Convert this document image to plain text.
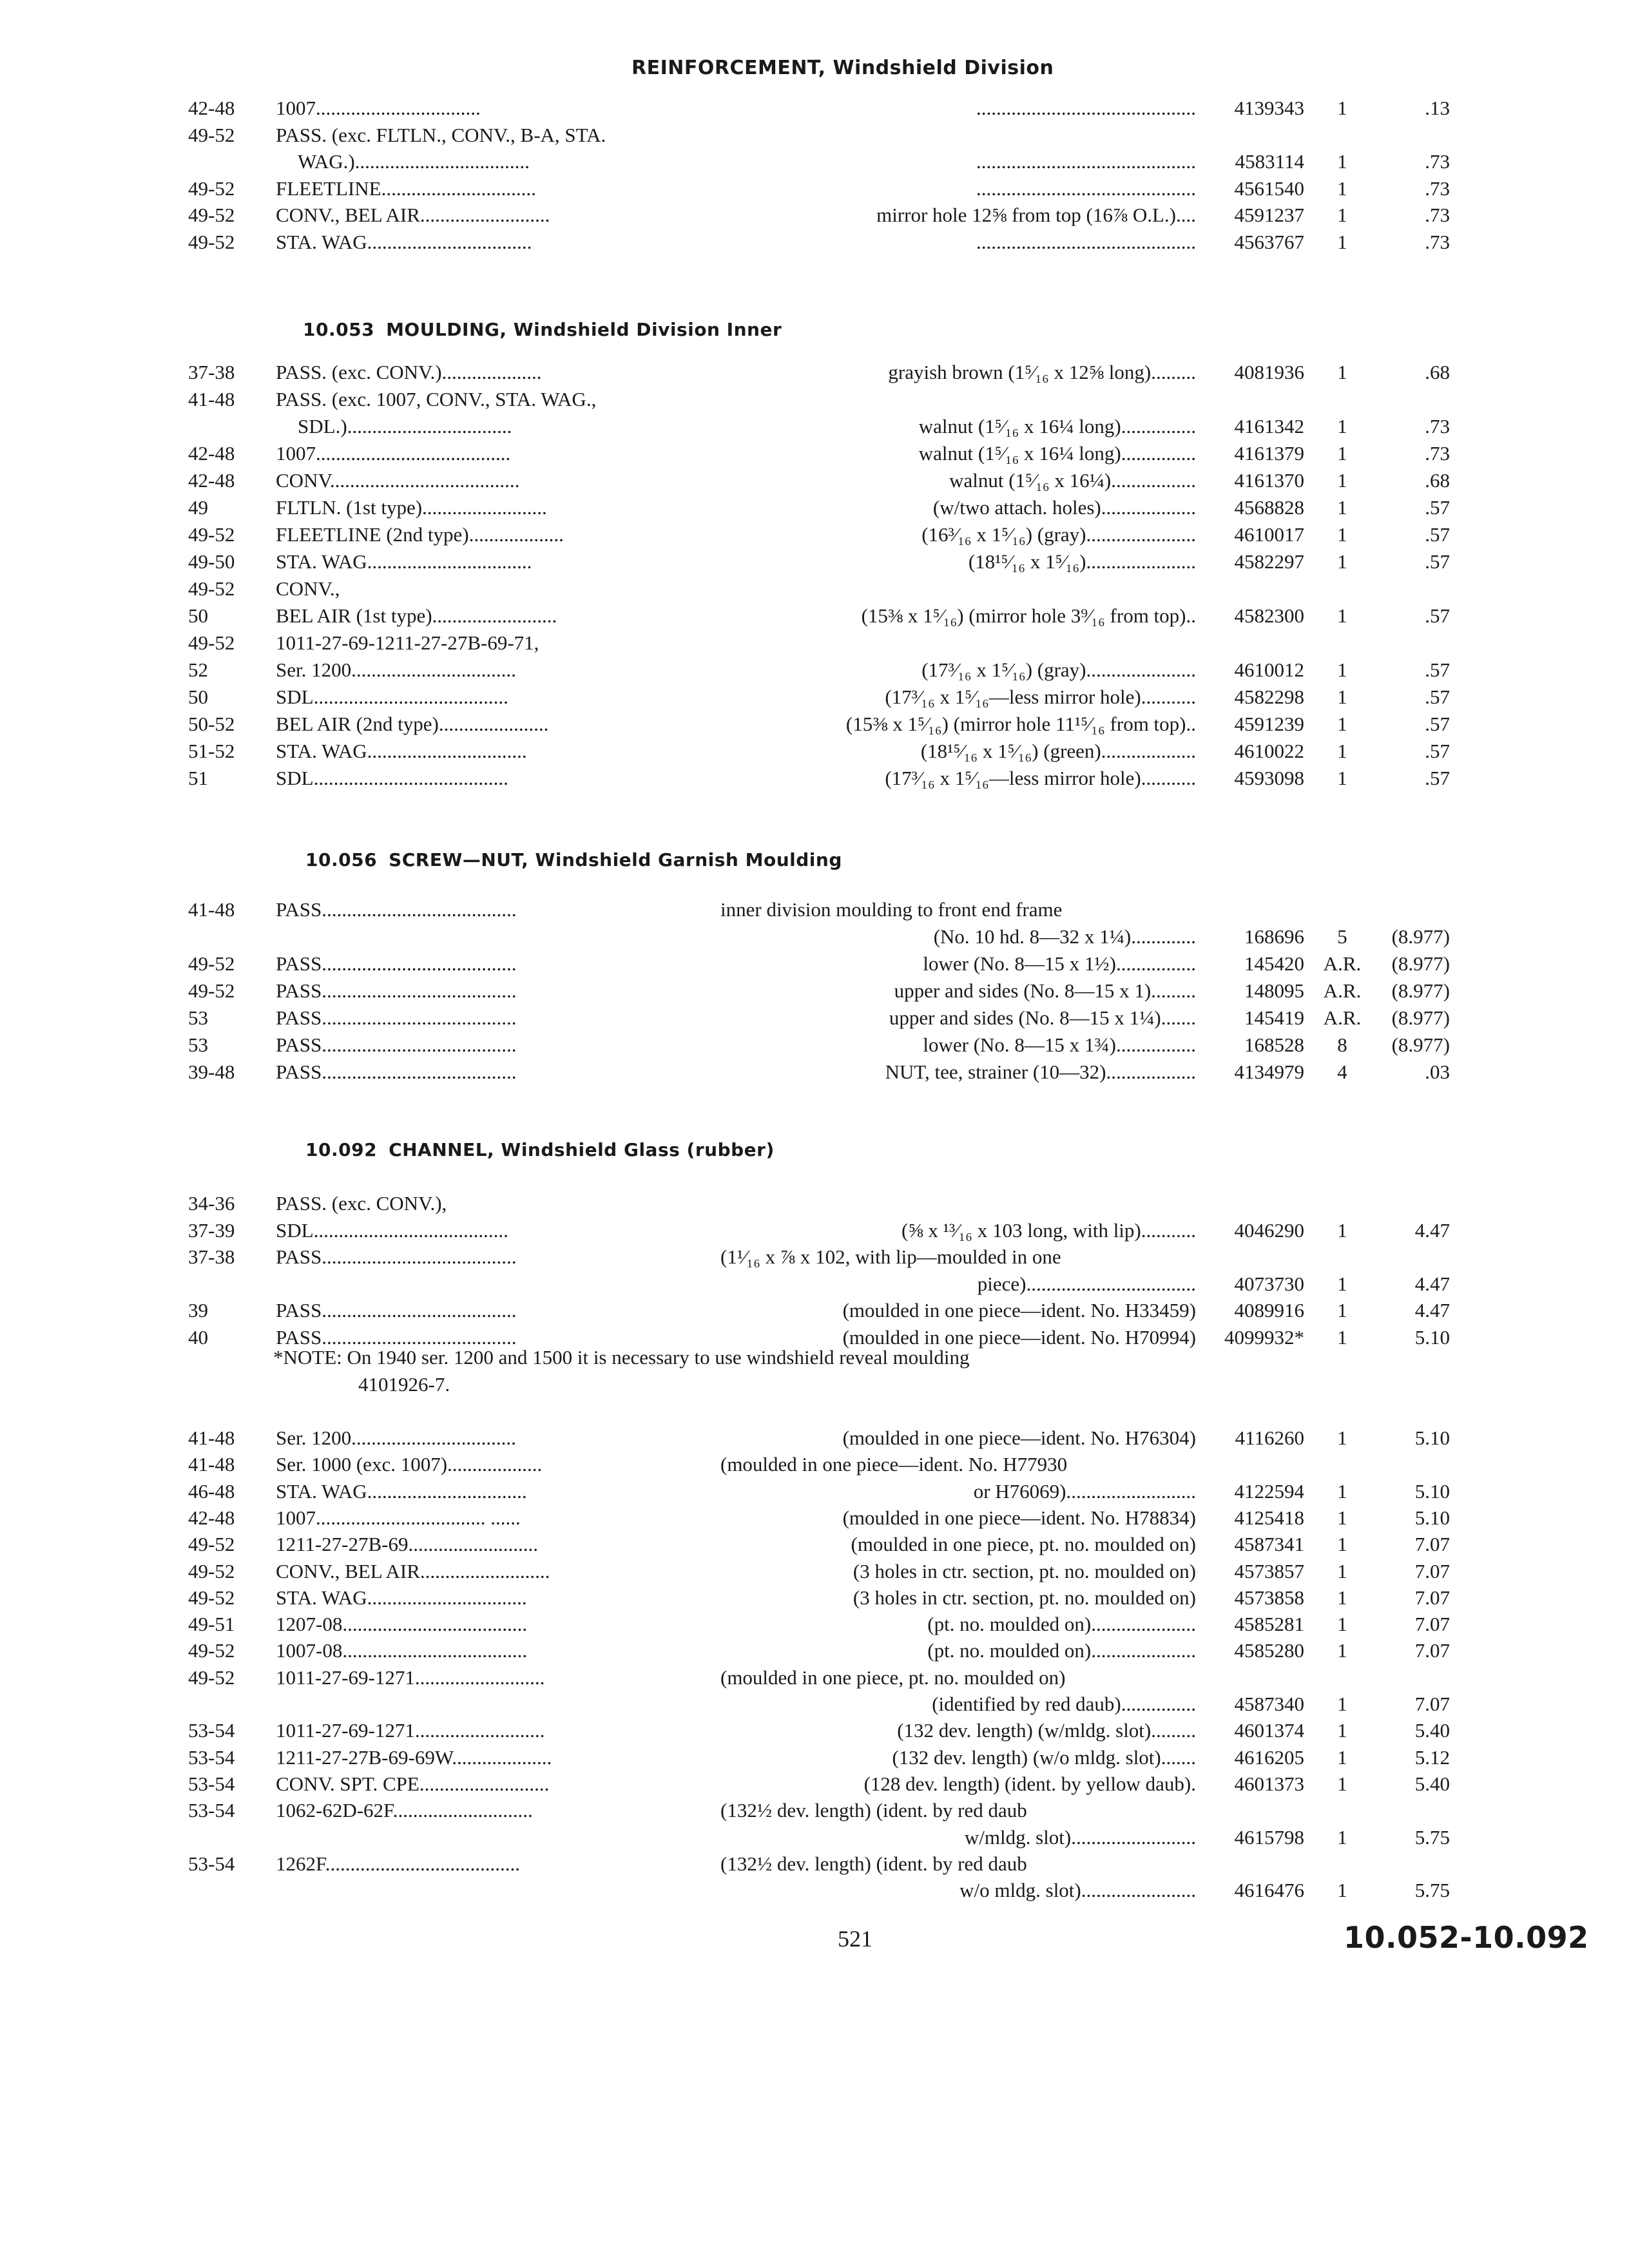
REINFORCEMENT, Windshield Division
42-48 1007.................................	............................................	4139343	1	.13
49-52 PASS. (exc. FLTLN., CONV., B-A, STA.
WAG.)...................................	............................................	4583114	1	.73
49-52 FLEETLINE...............................	............................................	4561540	1	.73
49-52 CONV., BEL AIR..........................	mirror hole 12⅝ from top (16⅞ O.L.)....	4591237	1	.73
49-52 STA. WAG.................................	............................................	4563767	1	.73
10.053 MOULDING, Windshield Division Inner
37-38 PASS. (exc. CONV.)....................	grayish brown (1⁵⁄₁₆ x 12⅝ long).........	4081936	1	.68
41-48 PASS. (exc. 1007, CONV., STA. WAG.,
SDL.).................................	walnut (1⁵⁄₁₆ x 16¼ long)...............	4161342	1	.73
42-48 1007.......................................	walnut (1⁵⁄₁₆ x 16¼ long)...............	4161379	1	.73
42-48 CONV......................................	walnut (1⁵⁄₁₆ x 16¼).................	4161370	1	.68
49	FLTLN. (1st type).........................	(w/two attach. holes)...................	4568828	1	.57
49-52 FLEETLINE (2nd type)...................	(16³⁄₁₆ x 1⁵⁄₁₆) (gray)......................	4610017	1	.57
49-50 STA. WAG.................................	(18¹⁵⁄₁₆ x 1⁵⁄₁₆)......................	4582297	1	.57
49-52 CONV.,
50	BEL AIR (1st type).........................	(15⅜ x 1⁵⁄₁₆) (mirror hole 3⁹⁄₁₆ from top)..	4582300	1	.57
49-52 1011-27-69-1211-27-27B-69-71,
52	Ser. 1200.................................	(17³⁄₁₆ x 1⁵⁄₁₆) (gray)......................	4610012	1	.57
50	SDL.......................................	(17³⁄₁₆ x 1⁵⁄₁₆—less mirror hole)...........	4582298	1	.57
50-52 BEL AIR (2nd type)......................	(15⅜ x 1⁵⁄₁₆) (mirror hole 11¹⁵⁄₁₆ from top)..	4591239	1	.57
51-52 STA. WAG................................	(18¹⁵⁄₁₆ x 1⁵⁄₁₆) (green)...................	4610022	1	.57
51	SDL.......................................	(17³⁄₁₆ x 1⁵⁄₁₆—less mirror hole)...........	4593098	1	.57
10.056 SCREW—NUT, Windshield Garnish Moulding
41-48 PASS.......................................	inner division moulding to front end frame
(No. 10 hd. 8—32 x 1¼).............	168696	5	(8.977)
49-52 PASS.......................................	lower (No. 8—15 x 1½)................	145420 A.R.	(8.977)
49-52 PASS.......................................	upper and sides (No. 8—15 x 1).........	148095 A.R.	(8.977)
53	PASS.......................................	upper and sides (No. 8—15 x 1¼).......	145419 A.R.	(8.977)
53	PASS.......................................	lower (No. 8—15 x 1¾)................	168528	8	(8.977)
39-48 PASS.......................................	NUT, tee, strainer (10—32)..................	4134979	4	.03
10.092 CHANNEL, Windshield Glass (rubber)
34-36 PASS. (exc. CONV.),
37-39 SDL.......................................	(⅝ x ¹³⁄₁₆ x 103 long, with lip)...........	4046290	1	4.47
37-38 PASS.......................................	(1¹⁄₁₆ x ⅞ x 102, with lip—moulded in one
piece)..................................	4073730	1	4.47
39	PASS.......................................	(moulded in one piece—ident. No. H33459)	4089916	1	4.47
40	PASS.......................................	(moulded in one piece—ident. No. H70994)	4099932*	1	5.10
*NOTE: On 1940 ser. 1200 and 1500 it is necessary to use windshield reveal moulding
4101926-7.
41-48 Ser. 1200.................................	(moulded in one piece—ident. No. H76304)	4116260	1	5.10
41-48 Ser. 1000 (exc. 1007)...................	(moulded in one piece—ident. No. H77930
46-48 STA. WAG................................	or H76069)..........................	4122594	1	5.10
42-48 1007.................................. ......	(moulded in one piece—ident. No. H78834)	4125418	1	5.10
49-52 1211-27-27B-69..........................	(moulded in one piece, pt. no. moulded on)	4587341	1	7.07
49-52 CONV., BEL AIR..........................	(3 holes in ctr. section, pt. no. moulded on)	4573857	1	7.07
49-52 STA. WAG................................	(3 holes in ctr. section, pt. no. moulded on)	4573858	1	7.07
49-51 1207-08.....................................	(pt. no. moulded on).....................	4585281	1	7.07
49-52 1007-08.....................................	(pt. no. moulded on).....................	4585280	1	7.07
49-52 1011-27-69-1271..........................	(moulded in one piece, pt. no. moulded on)
(identified by red daub)...............	4587340	1	7.07
53-54 1011-27-69-1271..........................	(132 dev. length) (w/mldg. slot).........	4601374	1	5.40
53-54 1211-27-27B-69-69W....................	(132 dev. length) (w/o mldg. slot).......	4616205	1	5.12
53-54 CONV. SPT. CPE..........................	(128 dev. length) (ident. by yellow daub).	4601373	1	5.40
53-54 1062-62D-62F............................	(132½ dev. length) (ident. by red daub
w/mldg. slot).........................	4615798	1	5.75
53-54 1262F.......................................	(132½ dev. length) (ident. by red daub
w/o mldg. slot).......................	4616476	1	5.75
521	10.052-10.092
